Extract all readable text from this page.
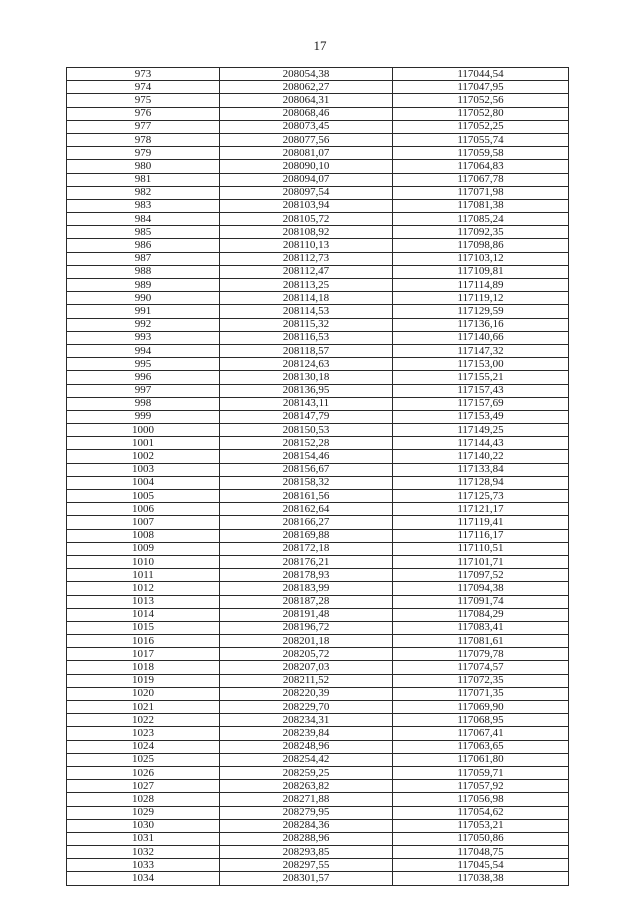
17
973	208054,38	117044,54
974	208062,27	117047,95
975	208064,31	117052,56
976	208068,46	117052,80
977	208073,45	117052,25
978	208077,56	117055,74
979	208081,07	117059,58
980	208090,10	117064,83
981	208094,07	117067,78
982	208097,54	117071,98
983	208103,94	117081,38
984	208105,72	117085,24
985	208108,92	117092,35
986	208110,13	117098,86
987	208112,73	117103,12
988	208112,47	117109,81
989	208113,25	117114,89
990	208114,18	117119,12
991	208114,53	117129,59
992	208115,32	117136,16
993	208116,53	117140,66
994	208118,57	117147,32
995	208124,63	117153,00
996	208130,18	117155,21
997	208136,95	117157,43
998	208143,11	117157,69
999	208147,79	117153,49
1000	208150,53	117149,25
1001	208152,28	117144,43
1002	208154,46	117140,22
1003	208156,67	117133,84
1004	208158,32	117128,94
1005	208161,56	117125,73
1006	208162,64	117121,17
1007	208166,27	117119,41
1008	208169,88	117116,17
1009	208172,18	117110,51
1010	208176,21	117101,71
1011	208178,93	117097,52
1012	208183,99	117094,38
1013	208187,28	117091,74
1014	208191,48	117084,29
1015	208196,72	117083,41
1016	208201,18	117081,61
1017	208205,72	117079,78
1018	208207,03	117074,57
1019	208211,52	117072,35
1020	208220,39	117071,35
1021	208229,70	117069,90
1022	208234,31	117068,95
1023	208239,84	117067,41
1024	208248,96	117063,65
1025	208254,42	117061,80
1026	208259,25	117059,71
1027	208263,82	117057,92
1028	208271,88	117056,98
1029	208279,95	117054,62
1030	208284,36	117053,21
1031	208288,96	117050,86
1032	208293,85	117048,75
1033	208297,55	117045,54
1034	208301,57	117038,38
